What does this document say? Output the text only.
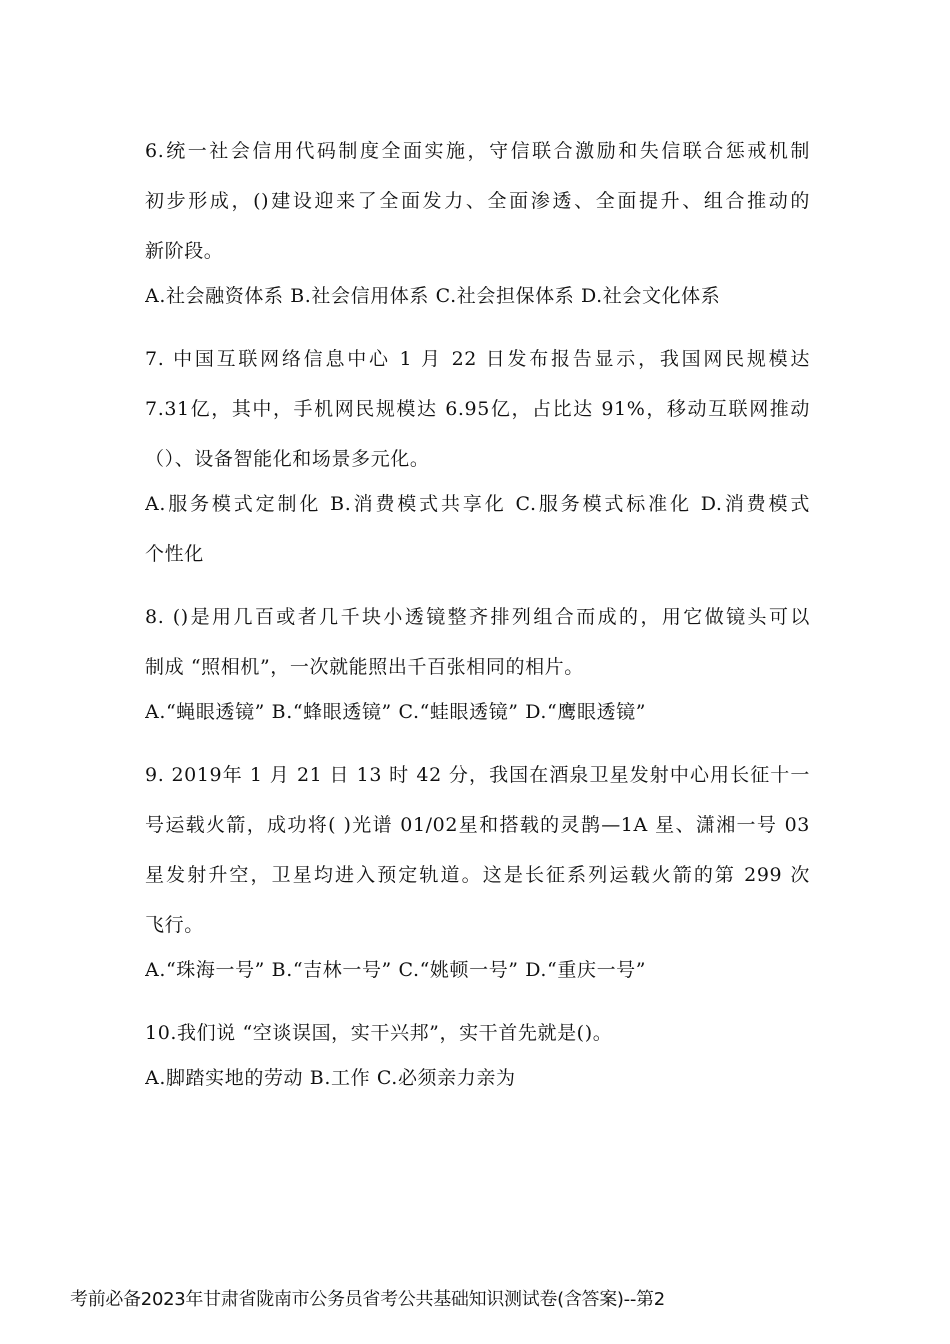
6.统一社会信用代码制度全面实施，守信联合激励和失信联合惩戒机制
初步形成，()建设迎来了全面发力、全面渗透、全面提升、组合推动的
新阶段。
A.社会融资体系 B.社会信用体系 C.社会担保体系 D.社会文化体系
7. 中国互联网络信息中心 1 月 22 日发布报告显示，我国网民规模达
7.31亿，其中，手机网民规模达 6.95亿，占比达 91%，移动互联网推动
（）、设备智能化和场景多元化。
A.服务模式定制化 B.消费模式共享化 C.服务模式标准化 D.消费模式
个性化
8. ()是用几百或者几千块小透镜整齐排列组合而成的，用它做镜头可以
制成 “照相机”，一次就能照出千百张相同的相片。
A.“蝇眼透镜” B.“蜂眼透镜” C.“蛙眼透镜” D.“鹰眼透镜”
9. 2019年 1 月 21 日 13 时 42 分，我国在酒泉卫星发射中心用长征十一
号运载火箭，成功将( )光谱 01/02星和搭载的灵鹊—1A 星、潇湘一号 03
星发射升空，卫星均进入预定轨道。这是长征系列运载火箭的第 299 次
飞行。
A.“珠海一号” B.“吉林一号” C.“姚顿一号” D.“重庆一号”
10.我们说 “空谈误国，实干兴邦”，实干首先就是()。
A.脚踏实地的劳动 B.工作 C.必须亲力亲为
考前必备2023年甘肃省陇南市公务员省考公共基础知识测试卷(含答案)--第2
